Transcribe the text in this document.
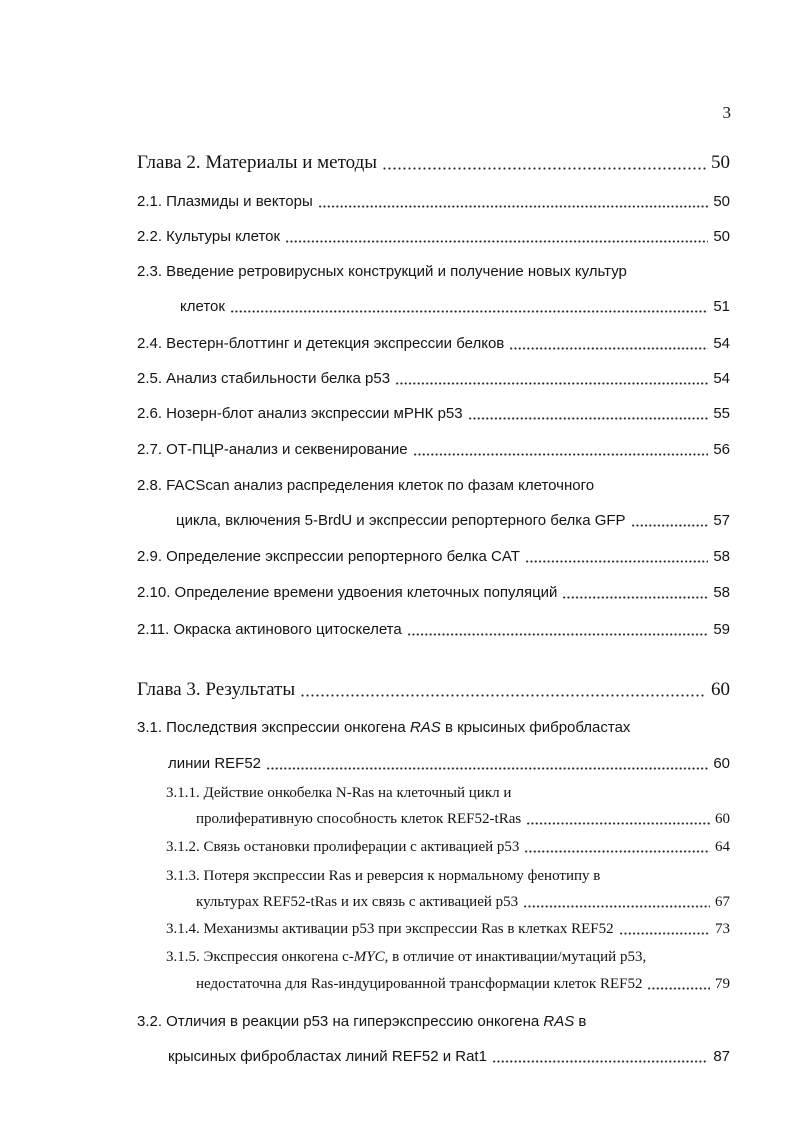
3
Глава 2. Материалы и методы	50
2.1. Плазмиды и векторы	50
2.2. Культуры клеток	50
2.3. Введение ретровирусных конструкций и получение новых культур
клеток	51
2.4. Вестерн-блоттинг и детекция экспрессии белков	54
2.5. Анализ стабильности белка p53	54
2.6. Нозерн-блот анализ экспрессии мРНК p53	55
2.7. ОТ-ПЦР-анализ и секвенирование	56
2.8. FACScan анализ распределения клеток по фазам клеточного
цикла, включения 5-BrdU и экспрессии репортерного белка GFP	57
2.9. Определение экспрессии репортерного белка CAT	58
2.10. Определение времени удвоения клеточных популяций	58
2.11. Окраска актинового цитоскелета	59
Глава 3. Результаты	60
3.1. Последствия экспрессии онкогена RAS в крысиных фибробластах
линии REF52	60
3.1.1. Действие онкобелка N-Ras на клеточный цикл и
пролиферативную способность клеток REF52-tRas	60
3.1.2. Связь остановки пролиферации с активацией p53	64
3.1.3. Потеря экспрессии Ras и реверсия к нормальному фенотипу в
культурах REF52-tRas и их связь с активацией p53	67
3.1.4. Механизмы активации p53 при экспрессии Ras в клетках REF52	73
3.1.5. Экспрессия онкогена c-MYC, в отличие от инактивации/мутаций p53,
недостаточна для Ras-индуцированной трансформации клеток REF52	79
3.2. Отличия в реакции p53 на гиперэкспрессию онкогена RAS в
крысиных фибробластах линий REF52 и Rat1	87
